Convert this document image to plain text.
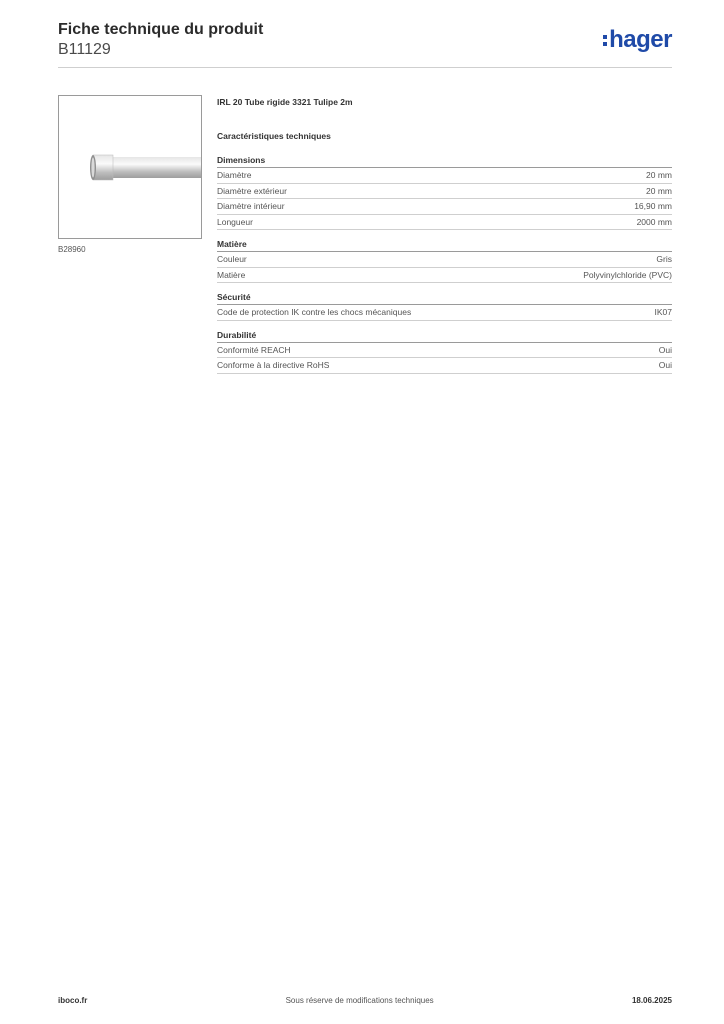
Fiche technique du produit
B11129	hager
B28960
IRL 20 Tube rigide 3321 Tulipe 2m
Caractéristiques techniques
Dimensions
Diamètre	20 mm
Diamètre extérieur	20 mm
Diamètre intérieur	16,90 mm
Longueur	2000 mm
Matière
Couleur	Gris
Matière	Polyvinylchloride (PVC)
Sécurité
Code de protection IK contre les chocs mécaniques	IK07
Durabilité
Conformité REACH	Oui
Conforme à la directive RoHS	Oui
iboco.fr	Sous réserve de modifications techniques	18.06.2025
